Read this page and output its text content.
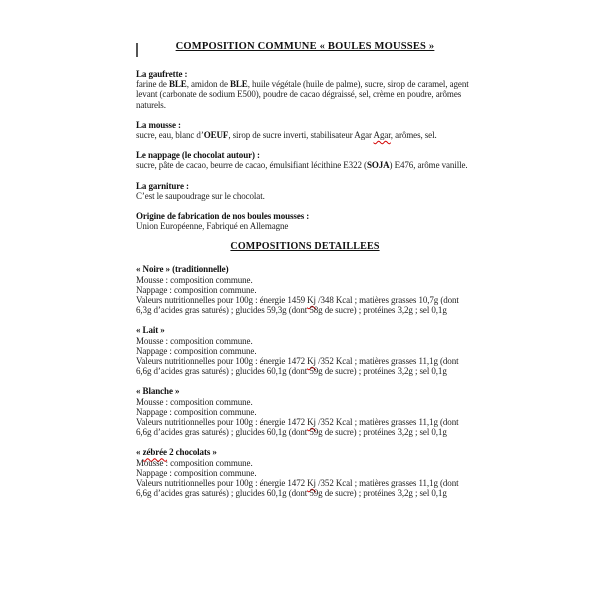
COMPOSITION COMMUNE « BOULES MOUSSES »

La gaufrette :

farine de BLE, amidon de BLE, huile végétale (huile de palme), sucre, sirop de caramel, agent levant (carbonate de sodium E500), poudre de cacao dégraissé, sel, crème en poudre, arômes naturels.

La mousse :

sucre, eau, blanc d’OEUF, sirop de sucre inverti, stabilisateur Agar Agar, arômes, sel.

Le nappage (le chocolat autour) :

sucre, pâte de cacao, beurre de cacao, émulsifiant lécithine E322 (SOJA) E476, arôme vanille.

La garniture :

C’est le saupoudrage sur le chocolat.

Origine de fabrication de nos boules mousses :

Union Européenne, Fabriqué en Allemagne

COMPOSITIONS DETAILLEES

« Noire » (traditionnelle)

Mousse : composition commune.

Nappage : composition commune.

Valeurs nutritionnelles pour 100g : énergie 1459 Kj /348 Kcal ; matières grasses 10,7g (dont 6,3g d’acides gras saturés) ; glucides 59,3g (dont 58g de sucre) ; protéines 3,2g ; sel 0,1g

« Lait »

Mousse : composition commune.

Nappage : composition commune.

Valeurs nutritionnelles pour 100g : énergie 1472 Kj /352 Kcal ; matières grasses 11,1g (dont 6,6g d’acides gras saturés) ; glucides 60,1g (dont 59g de sucre) ; protéines 3,2g ; sel 0,1g

« Blanche »

Mousse : composition commune.

Nappage : composition commune.

Valeurs nutritionnelles pour 100g : énergie 1472 Kj /352 Kcal ; matières grasses 11,1g (dont 6,6g d’acides gras saturés) ; glucides 60,1g (dont 59g de sucre) ; protéines 3,2g ; sel 0,1g

« zébrée 2 chocolats »

Mousse : composition commune.

Nappage : composition commune.

Valeurs nutritionnelles pour 100g : énergie 1472 Kj /352 Kcal ; matières grasses 11,1g (dont 6,6g d’acides gras saturés) ; glucides 60,1g (dont 59g de sucre) ; protéines 3,2g ; sel 0,1g
